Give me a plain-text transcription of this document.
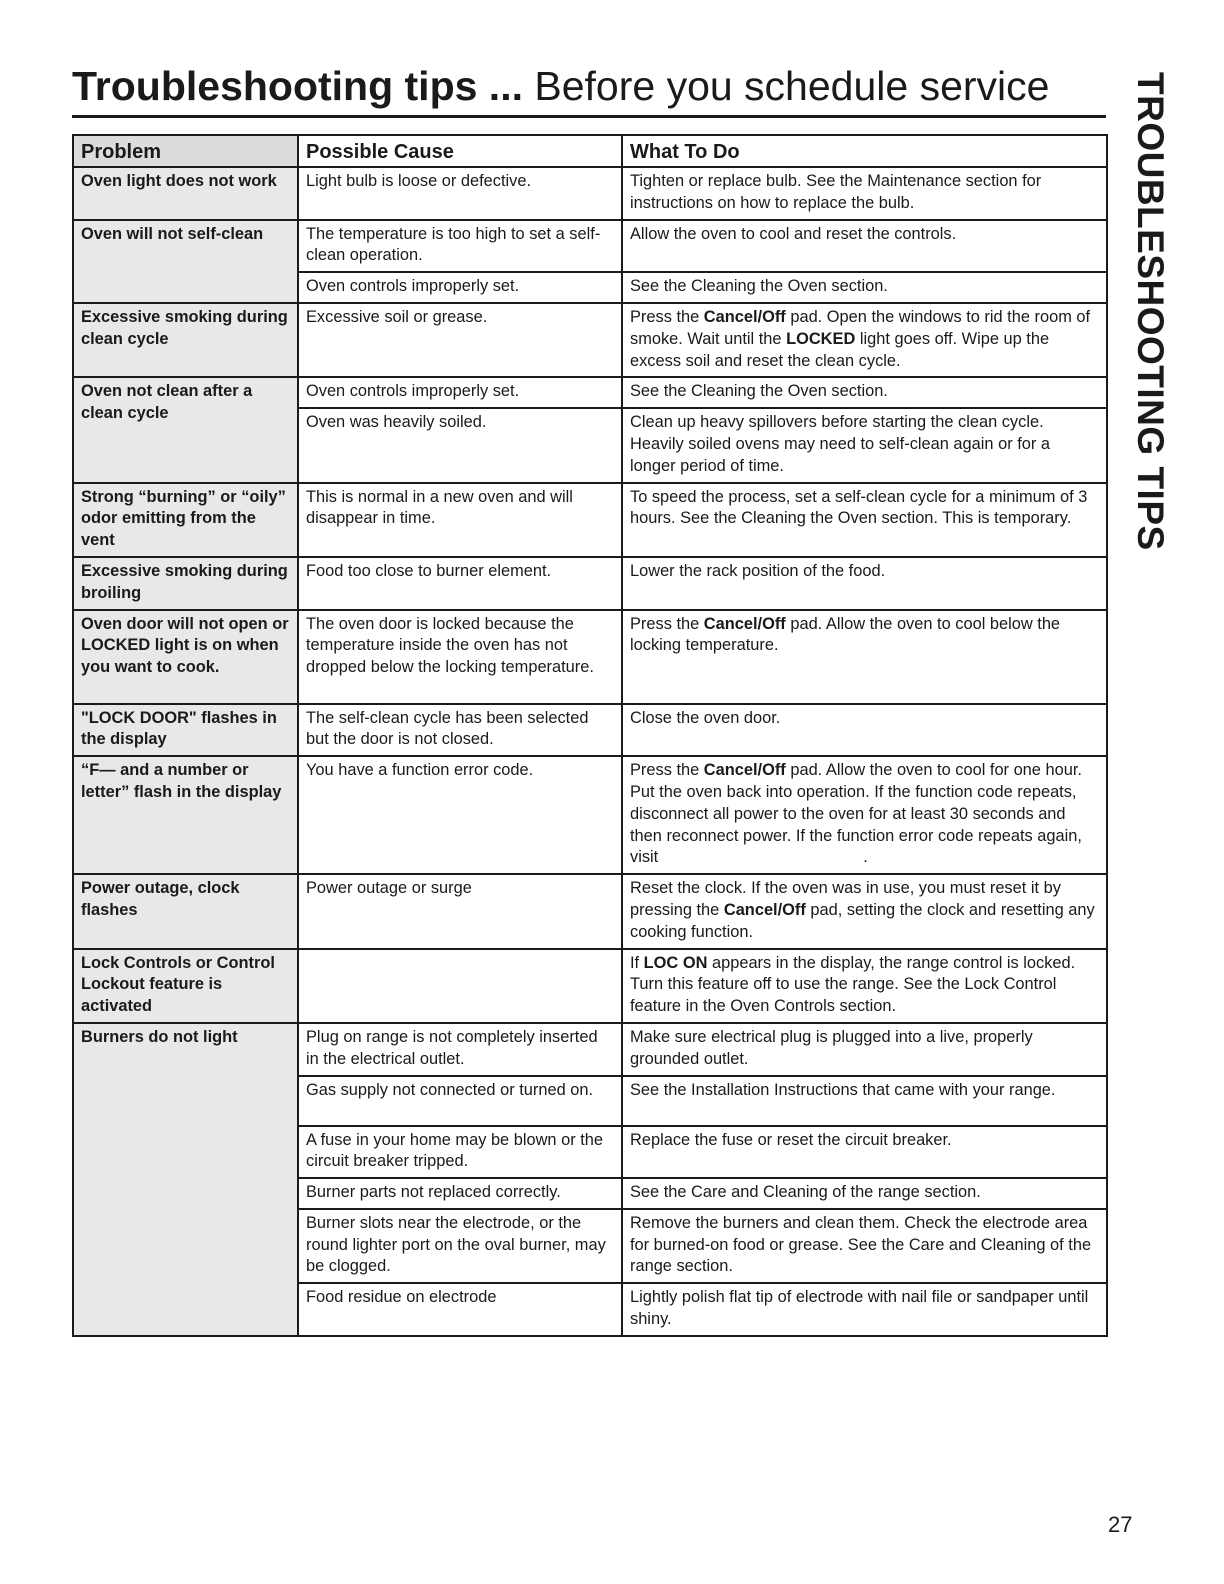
Troubleshooting tips ... Before you schedule service	TROUBLESHOOTING TIPS
Problem	Possible Cause	What To Do
Oven light does not work	Light bulb is loose or defective.	Tighten or replace bulb. See the Maintenance section for instructions on how to replace the bulb.
Oven will not self-clean	The temperature is too high to set a self-clean operation.	Allow the oven to cool and reset the controls.
	Oven controls improperly set.	See the Cleaning the Oven section.
Excessive smoking during clean cycle	Excessive soil or grease.	Press the Cancel/Off pad. Open the windows to rid the room of smoke. Wait until the LOCKED light goes off. Wipe up the excess soil and reset the clean cycle.
Oven not clean after a clean cycle	Oven controls improperly set.	See the Cleaning the Oven section.
	Oven was heavily soiled.	Clean up heavy spillovers before starting the clean cycle. Heavily soiled ovens may need to self-clean again or for a longer period of time.
Strong “burning” or “oily” odor emitting from the vent	This is normal in a new oven and will disappear in time.	To speed the process, set a self-clean cycle for a minimum of 3 hours. See the Cleaning the Oven section. This is temporary.
Excessive smoking during broiling	Food too close to burner element.	Lower the rack position of the food.
Oven door will not open or LOCKED light is on when you want to cook.	The oven door is locked because the temperature inside the oven has not dropped below the locking temperature.	Press the Cancel/Off pad. Allow the oven to cool below the locking temperature.
"LOCK DOOR" flashes in the display	The self-clean cycle has been selected but the door is not closed.	Close the oven door.
“F— and a number or letter” flash in the display	You have a function error code.	Press the Cancel/Off pad. Allow the oven to cool for one hour. Put the oven back into operation. If the function code repeats, disconnect all power to the oven for at least 30 seconds and then reconnect power. If the function error code repeats again, visit .
Power outage, clock flashes	Power outage or surge	Reset the clock. If the oven was in use, you must reset it by pressing the Cancel/Off pad, setting the clock and resetting any cooking function.
Lock Controls or Control Lockout feature is activated		If LOC ON appears in the display, the range control is locked. Turn this feature off to use the range. See the Lock Control feature in the Oven Controls section.
Burners do not light	Plug on range is not completely inserted in the electrical outlet.	Make sure electrical plug is plugged into a live, properly grounded outlet.
	Gas supply not connected or turned on.	See the Installation Instructions that came with your range.
	A fuse in your home may be blown or the circuit breaker tripped.	Replace the fuse or reset the circuit breaker.
	Burner parts not replaced correctly.	See the Care and Cleaning of the range section.
	Burner slots near the electrode, or the round lighter port on the oval burner, may be clogged.	Remove the burners and clean them. Check the electrode area for burned-on food or grease. See the Care and Cleaning of the range section.
	Food residue on electrode	Lightly polish flat tip of electrode with nail file or sandpaper until shiny.
27
